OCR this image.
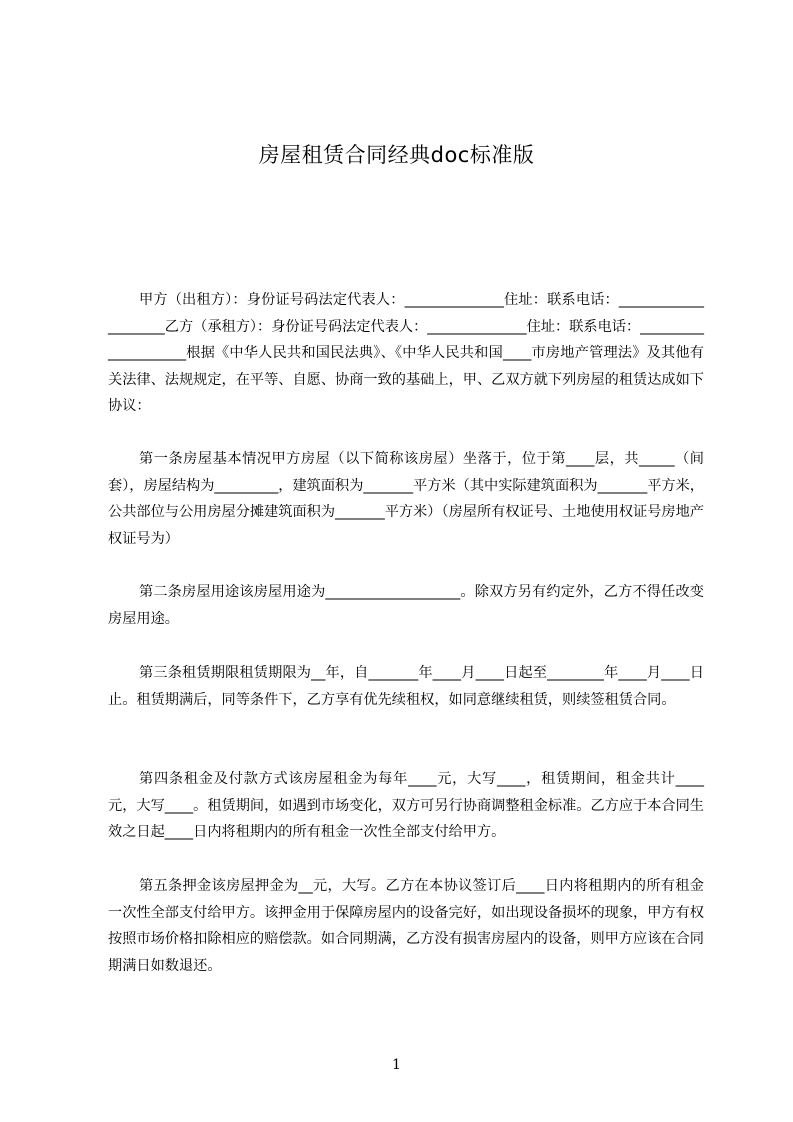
房屋租赁合同经典doc标准版

甲方（出租方）：身份证号码法定代表人：______________住址：联系电话：____________________乙方（承租方）：身份证号码法定代表人：______________住址：联系电话：____________________根据《中华人民共和国民法典》、《中华人民共和国____市房地产管理法》及其他有关法律、法规规定，在平等、自愿、协商一致的基础上，甲、乙双方就下列房屋的租赁达成如下协议：

第一条房屋基本情况甲方房屋（以下简称该房屋）坐落于，位于第____层，共_____（间套），房屋结构为_________，建筑面积为_______平方米（其中实际建筑面积为_______平方米，公共部位与公用房屋分摊建筑面积为_______平方米）（房屋所有权证号、土地使用权证号房地产权证号为）

第二条房屋用途该房屋用途为___________________。除双方另有约定外，乙方不得任改变房屋用途。

第三条租赁期限租赁期限为__年，自_______年____月____日起至________年____月____日止。租赁期满后，同等条件下，乙方享有优先续租权，如同意继续租赁，则续签租赁合同。

第四条租金及付款方式该房屋租金为每年____元，大写____，租赁期间，租金共计____元，大写____。租赁期间，如遇到市场变化，双方可另行协商调整租金标准。乙方应于本合同生效之日起____日内将租期内的所有租金一次性全部支付给甲方。

第五条押金该房屋押金为__元，大写。乙方在本协议签订后____日内将租期内的所有租金一次性全部支付给甲方。该押金用于保障房屋内的设备完好，如出现设备损坏的现象，甲方有权按照市场价格扣除相应的赔偿款。如合同期满，乙方没有损害房屋内的设备，则甲方应该在合同期满日如数退还。

1
